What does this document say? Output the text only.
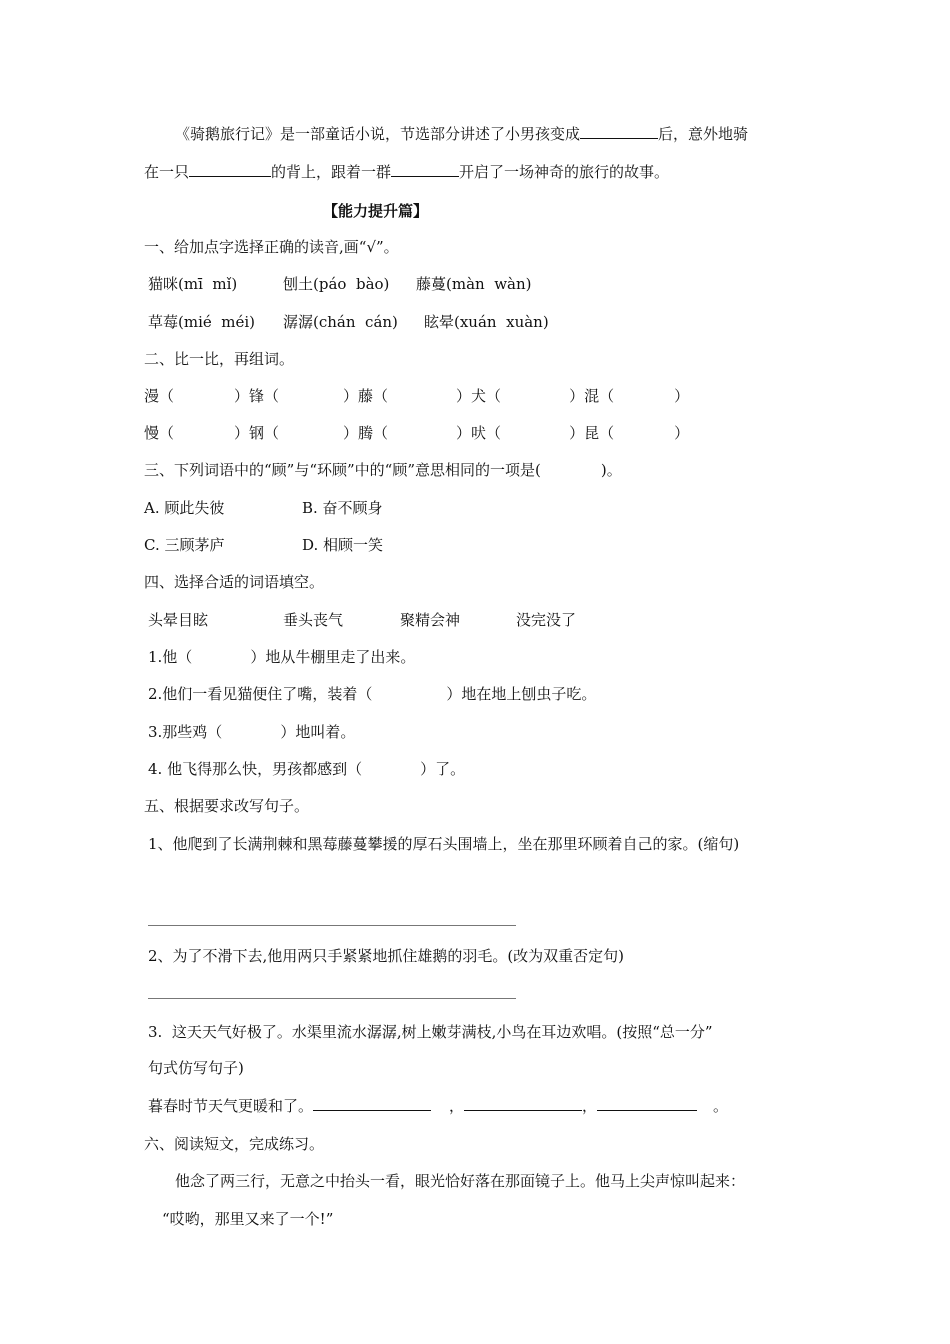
《骑鹅旅行记》是一部童话小说，节选部分讲述了小男孩变成	后，意外地骑
在一只	的背上，跟着一群	开启了一场神奇的旅行的故事。
【能力提升篇】
一、给加点字选择正确的读音,画“√”。
猫咪(mī  mǐ)	刨土(páo  bào) 藤蔓(màn  wàn)
草莓(mié  méi) 潺潺(chán  cán) 眩晕(xuán  xuàn)
二、比一比，再组词。
漫（	）锋（	）藤（	）犬（	）混（	）
慢（	）钢（	）腾（	）吠（	）昆（	）
三、下列词语中的“顾”与“环顾”中的“顾”意思相同的一项是(	)。
A. 顾此失彼	B. 奋不顾身
C. 三顾茅庐	D. 相顾一笑
四、选择合适的词语填空。
头晕目眩	垂头丧气	聚精会神	没完没了
1.他（	）地从牛棚里走了出来。
2.他们一看见猫便住了嘴，装着（	）地在地上刨虫子吃。
3.那些鸡（	）地叫着。
4. 他飞得那么快，男孩都感到（	）了。
五、根据要求改写句子。
1、他爬到了长满荆棘和黑莓藤蔓攀援的厚石头围墙上，坐在那里环顾着自己的家。(缩句)
2、为了不滑下去,他用两只手紧紧地抓住雄鹅的羽毛。(改为双重否定句)
3.  这天天气好极了。水渠里流水潺潺,树上嫩芽满枝,小鸟在耳边欢唱。(按照“总一分”
句式仿写句子)
暮春时节天气更暖和了。	，	，	。
六、阅读短文，完成练习。
他念了两三行，无意之中抬头一看，眼光恰好落在那面镜子上。他马上尖声惊叫起来：
“哎哟，那里又来了一个!”
